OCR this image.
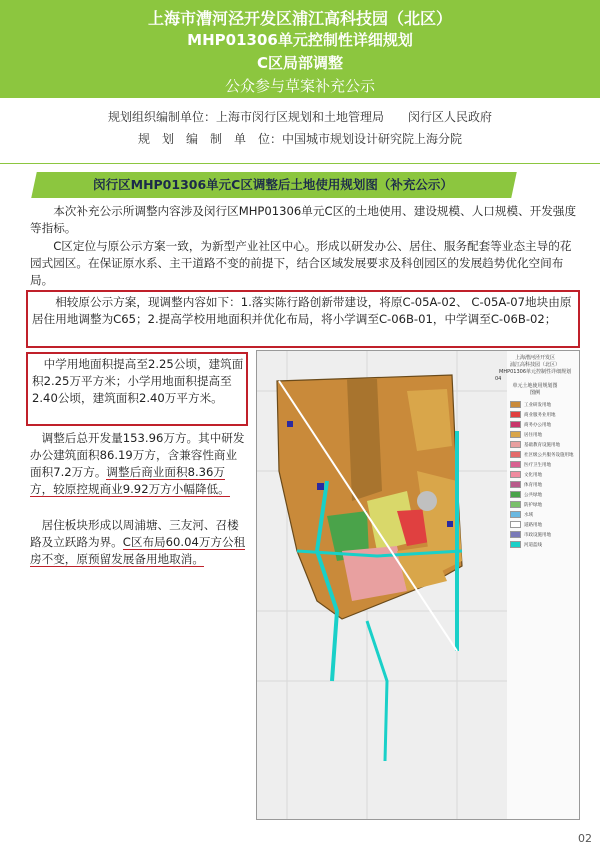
上海市漕河泾开发区浦江高科技园（北区）
MHP01306单元控制性详细规划
C区局部调整
公众参与草案补充公示
规划组织编制单位：上海市闵行区规划和土地管理局　　闵行区人民政府
规　划　编　制　单　位：中国城市规划设计研究院上海分院
闵行区MHP01306单元C区调整后土地使用规划图（补充公示）
本次补充公示所调整内容涉及闵行区MHP01306单元C区的土地使用、建设规模、人口规模、开发强度等指标。
C区定位与原公示方案一致，为新型产业社区中心。形成以研发办公、居住、服务配套等业态主导的花园式园区。在保证原水系、主干道路不变的前提下，结合区域发展要求及科创园区的发展趋势优化空间布局。
相较原公示方案，现调整内容如下：1.落实陈行路创新带建设，将原C-05A-02、 C-05A-07地块由原居住用地调整为C65；2.提高学校用地面积并优化布局，将小学调至C-06B-01，中学调至C-06B-02；
中学用地面积提高至2.25公顷，建筑面积2.25万平方米；小学用地面积提高至2.40公顷，建筑面积2.40万平方米。
调整后总开发量153.96万方。其中研发办公建筑面积86.19万方，含兼容性商业面积7.2万方。调整后商业面积8.36万方，较原控规商业9.92万方小幅降低。
居住板块形成以周浦塘、三友河、召楼路及立跃路为界。C区布局60.04万方公租房不变，原预留发展备用地取消。
上海漕河泾开发区
浦江高科技园（北区）
MHP01306单元控制性详细规划
04
单元土地使用规划图
图例
工业研发用地
商业服务业用地
商务办公用地
居住用地
基础教育设施用地
社区级公共服务设施用地
医疗卫生用地
文化用地
体育用地
公共绿地
防护绿地
水域
道路用地
市政设施用地
河道蓝线
02
